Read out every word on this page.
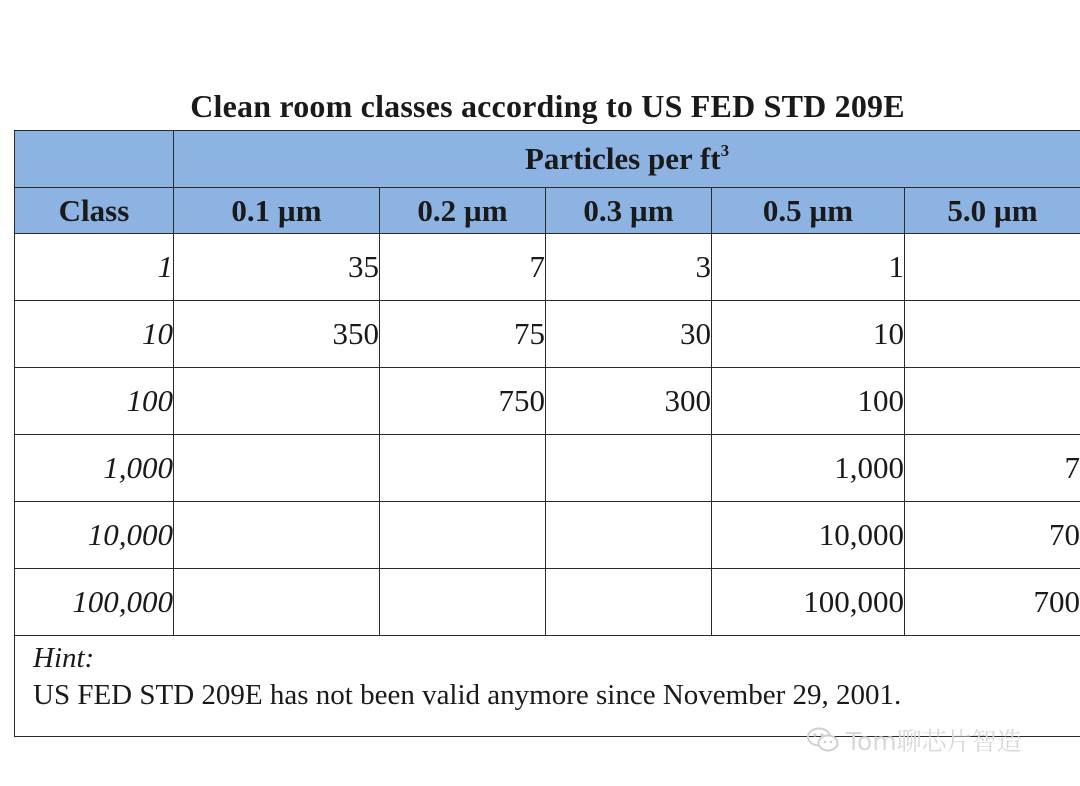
Clean room classes according to US FED STD 209E
	Particles per $ft^3$
Class	0.1 µm	0.2 µm	0.3 µm	0.5 µm	5.0 µm
1	35	7	3	1	
10	350	75	30	10	
100		750	300	100	
1,000				1,000	7
10,000				10,000	70
100,000				100,000	700

Hint:
US FED STD 209E has not been valid anymore since November 29, 2001.					
Tom聊芯片智造
